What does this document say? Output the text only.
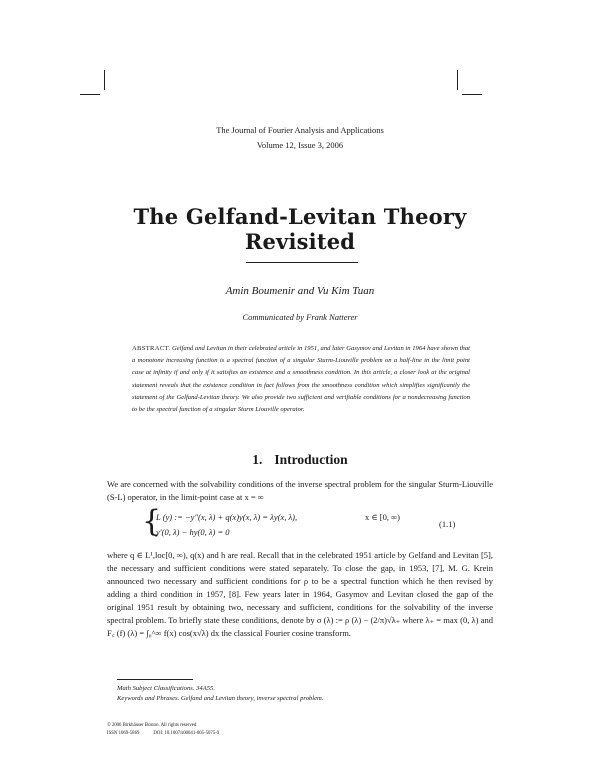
The Journal of Fourier Analysis and Applications
Volume 12, Issue 3, 2006
The Gelfand-Levitan Theory
Revisited
Amin Boumenir and Vu Kim Tuan
Communicated by Frank Natterer
ABSTRACT. Gelfand and Levitan in their celebrated article in 1951, and later Gasymov and Levitan in 1964 have shown that a monotone increasing function is a spectral function of a singular Sturm-Liouville problem on a half-line in the limit point case at infinity if and only if it satisfies an existence and a smoothness condition. In this article, a closer look at the original statement reveals that the existence condition in fact follows from the smoothness condition which simplifies significantly the statement of the Gelfand-Levitan theory. We also provide two sufficient and verifiable conditions for a nondecreasing function to be the spectral function of a singular Sturm Liouville operator.
1. Introduction
We are concerned with the solvability conditions of the inverse spectral problem for the singular Sturm-Liouville (S-L) operator, in the limit-point case at x = ∞
{
L (y) := −y″(x, λ) + q(x)y(x, λ) = λy(x, λ),	x ∈ [0, ∞)
y′(0, λ) − hy(0, λ) = 0
(1.1)
where q ∈ L¹,loc[0, ∞), q(x) and h are real. Recall that in the celebrated 1951 article by Gelfand and Levitan [5], the necessary and sufficient conditions were stated separately. To close the gap, in 1953, [7], M. G. Krein announced two necessary and sufficient conditions for ρ to be a spectral function which he then revised by adding a third condition in 1957, [8]. Few years later in 1964, Gasymov and Levitan closed the gap of the original 1951 result by obtaining two, necessary and sufficient, conditions for the solvability of the inverse spectral problem. To briefly state these conditions, denote by σ (λ) := ρ (λ) − (2/π)√λ₊ where λ₊ = max (0, λ) and F꜀ (f) (λ) = ∫₀^∞ f(x) cos(x√λ) dx the classical Fourier cosine transform.
Math Subject Classifications. 34A55.
Keywords and Phrases. Gelfand and Levitan theory, inverse spectral problem.
© 2006 Birkhäuser Boston. All rights reserved
ISSN 1069-5869	DOI: 10.1007/s00041-005-5075-9
